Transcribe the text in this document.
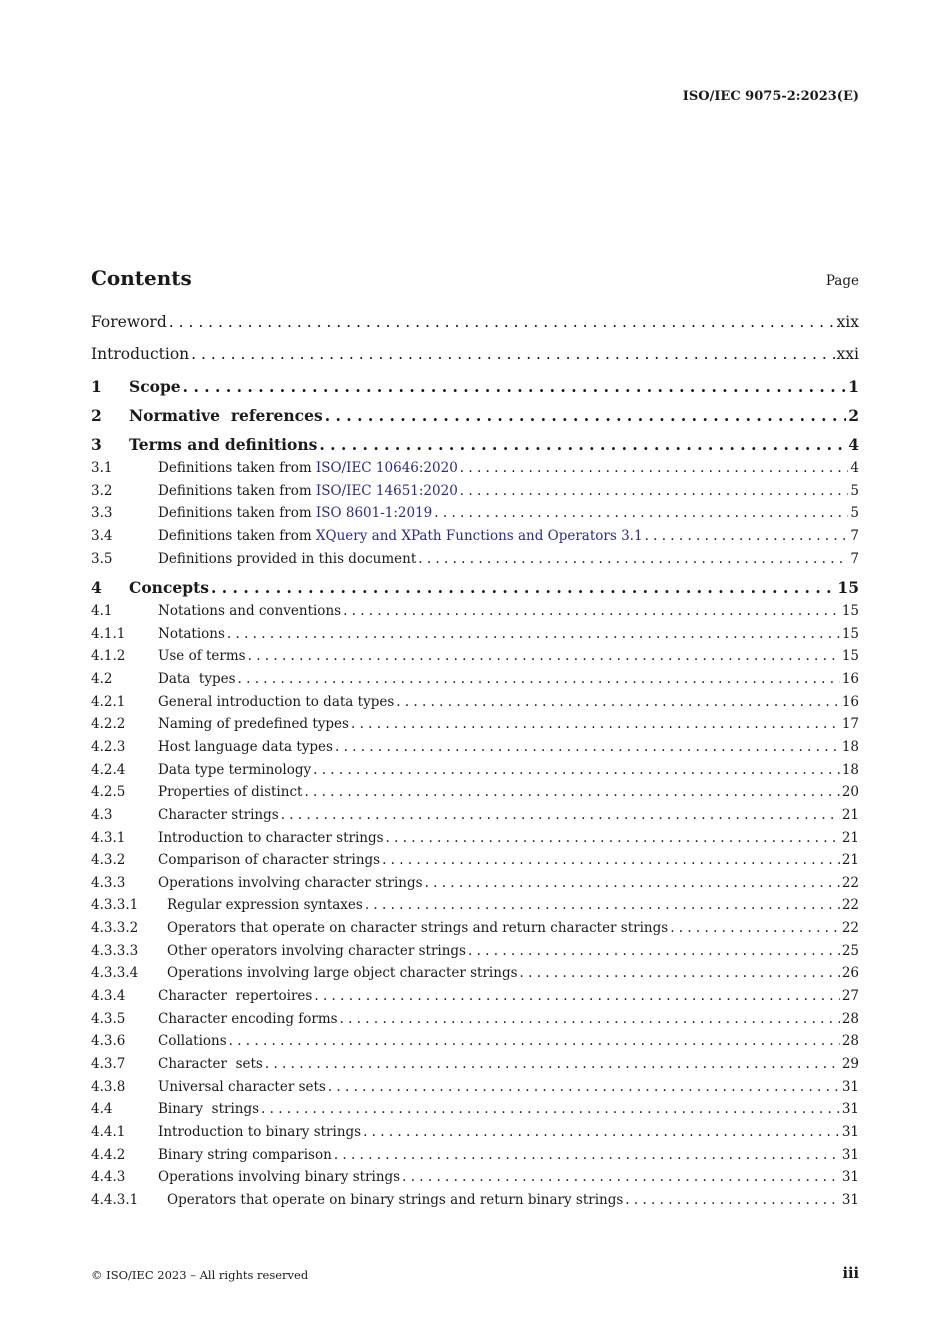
ISO/IEC 9075-2:2023(E)
Contents	Page
Foreword . . .	xix
Introduction . . .	xxi
1	Scope . . .	1
2	Normative  references . . .	2
3	Terms and definitions . . .	4
3.1	Definitions taken from ISO/IEC 10646:2020 . . .	4
3.2	Definitions taken from ISO/IEC 14651:2020 . . .	5
3.3	Definitions taken from ISO 8601-1:2019 . . .	5
3.4	Definitions taken from XQuery and XPath Functions and Operators 3.1 . . .	7
3.5	Definitions provided in this document . . .	7
4	Concepts . . .	15
4.1	Notations and conventions . . .	15
4.1.1	Notations . . .	15
4.1.2	Use of terms . . .	15
4.2	Data  types . . .	16
4.2.1	General introduction to data types . . .	16
4.2.2	Naming of predefined types . . .	17
4.2.3	Host language data types . . .	18
4.2.4	Data type terminology . . .	18
4.2.5	Properties of distinct . . .	20
4.3	Character strings . . .	21
4.3.1	Introduction to character strings . . .	21
4.3.2	Comparison of character strings . . .	21
4.3.3	Operations involving character strings . . .	22
4.3.3.1	Regular expression syntaxes . . .	22
4.3.3.2	Operators that operate on character strings and return character strings . . .	22
4.3.3.3	Other operators involving character strings . . .	25
4.3.3.4	Operations involving large object character strings . . .	26
4.3.4	Character  repertoires . . .	27
4.3.5	Character encoding forms . . .	28
4.3.6	Collations . . .	28
4.3.7	Character  sets . . .	29
4.3.8	Universal character sets . . .	31
4.4	Binary  strings . . .	31
4.4.1	Introduction to binary strings . . .	31
4.4.2	Binary string comparison . . .	31
4.4.3	Operations involving binary strings . . .	31
4.4.3.1	Operators that operate on binary strings and return binary strings . . .	31
© ISO/IEC 2023 – All rights reserved	iii
